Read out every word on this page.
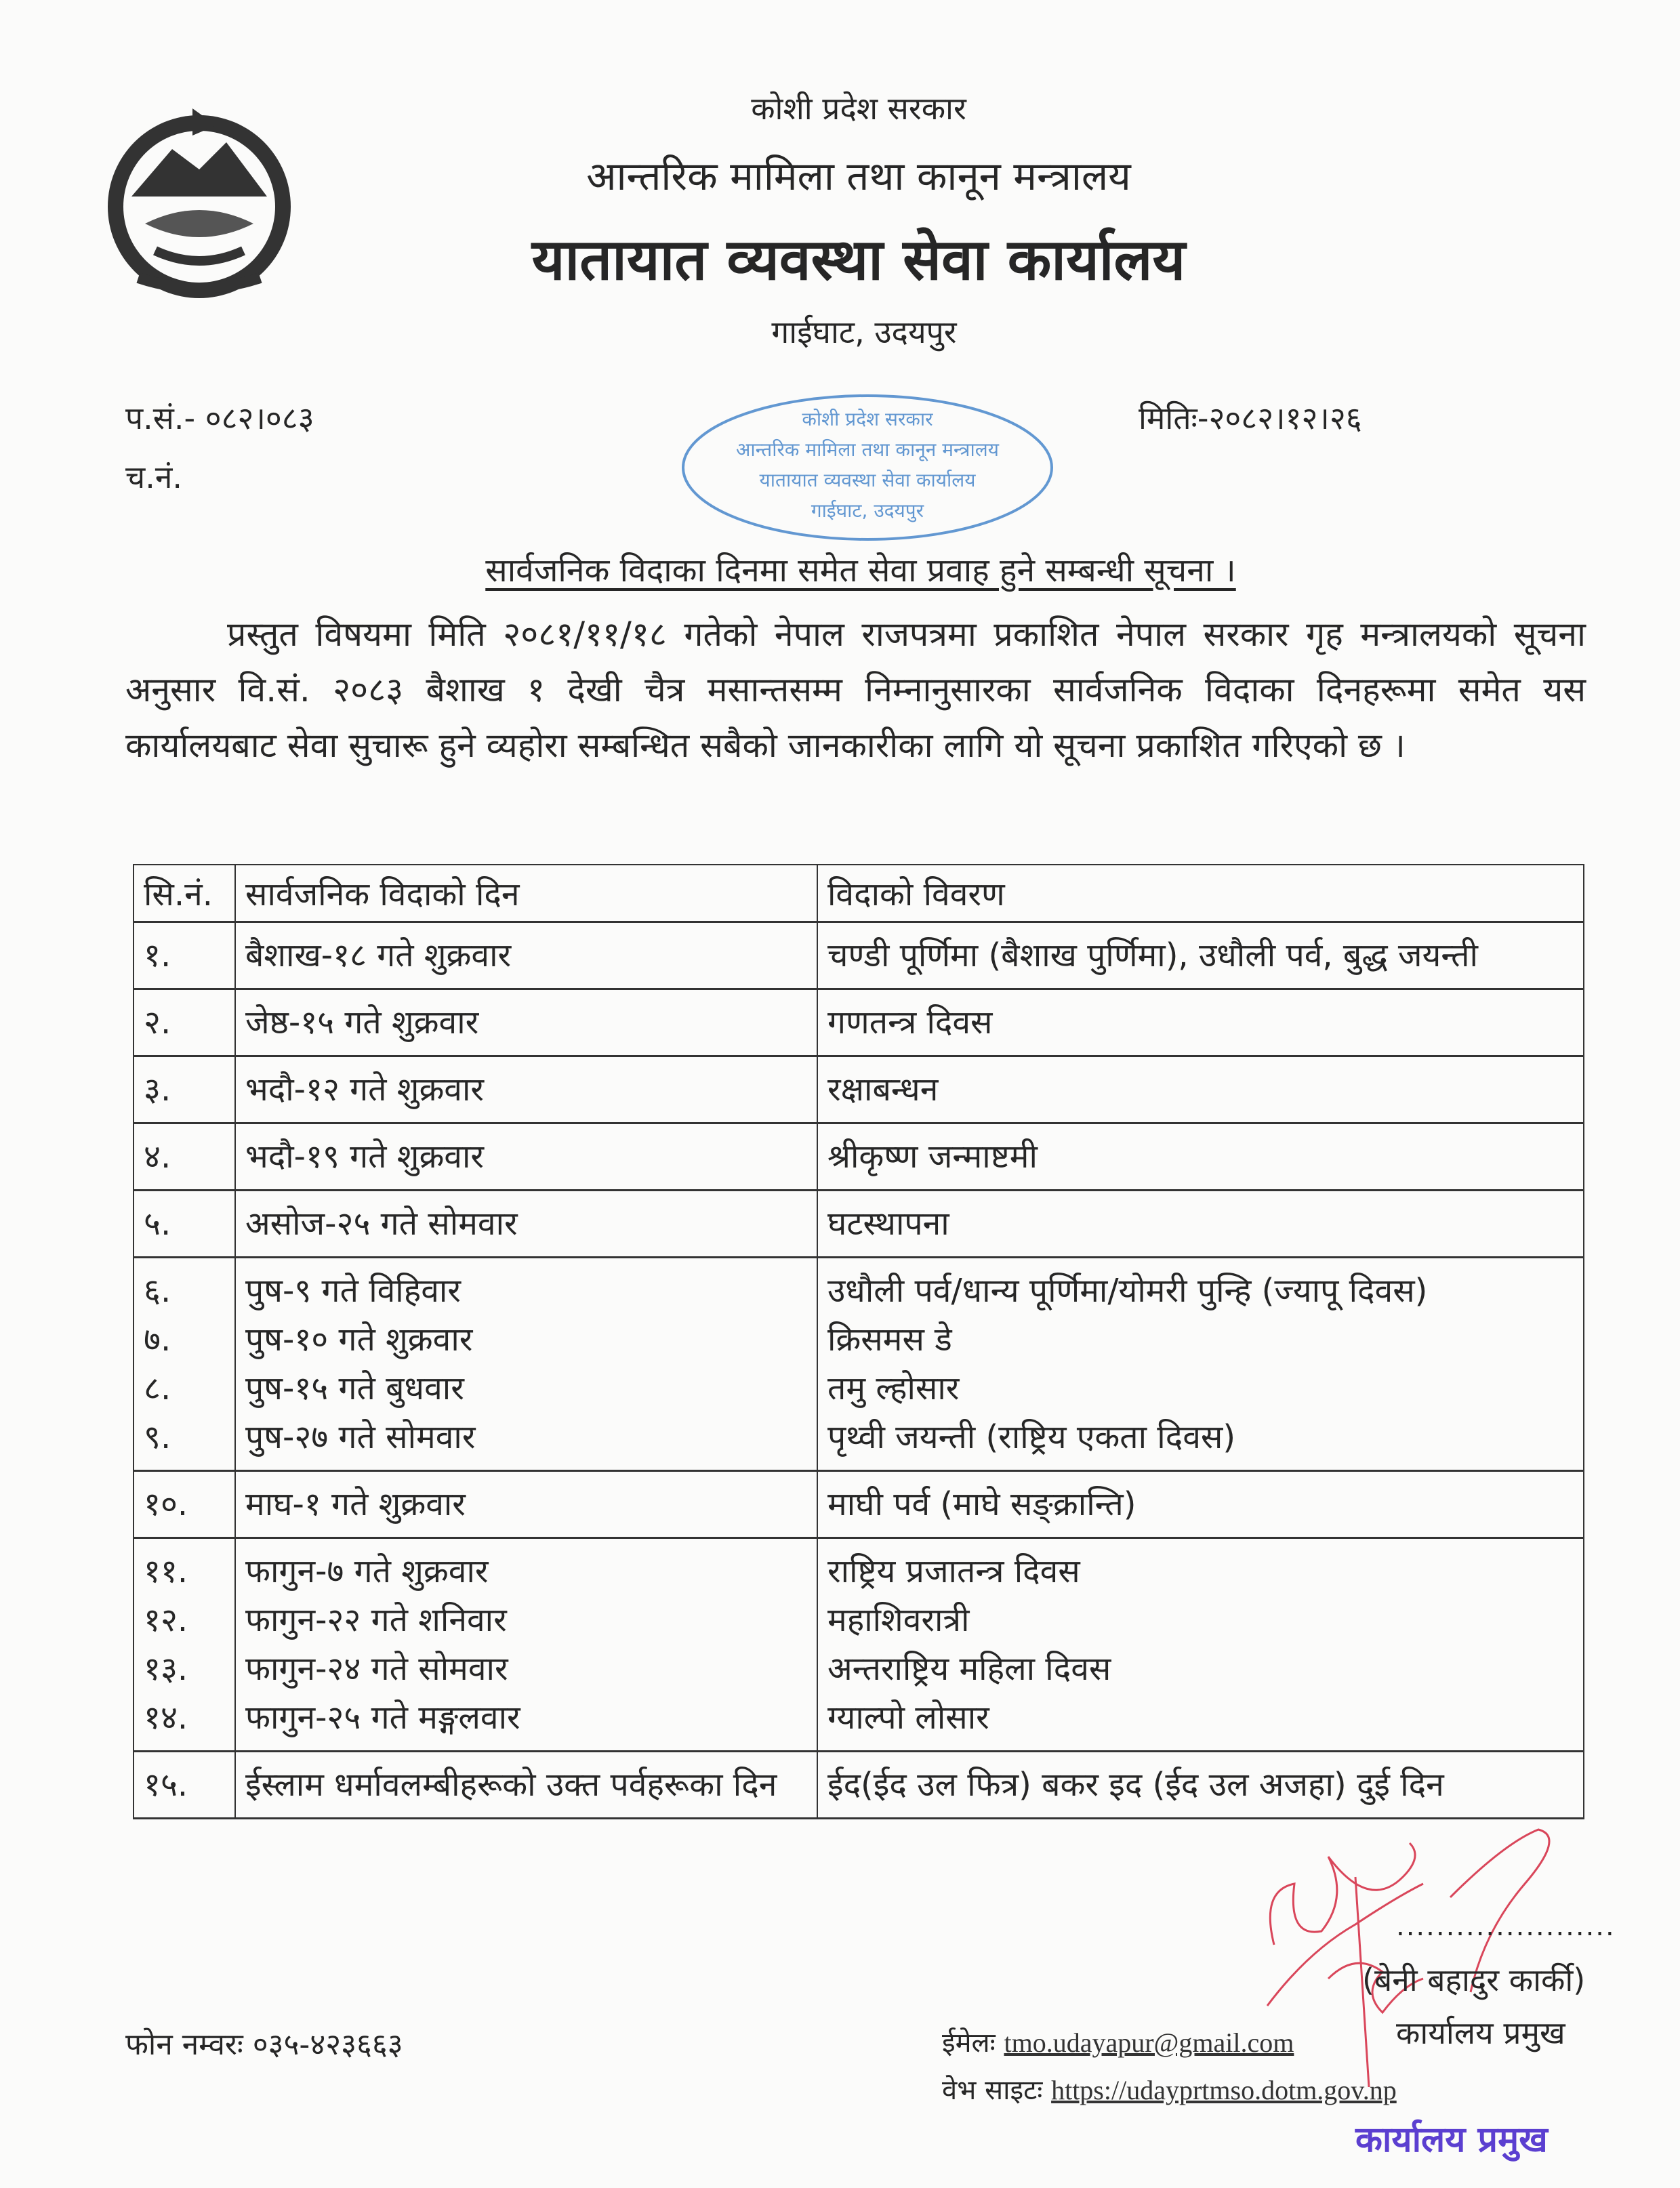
कोशी प्रदेश सरकार
आन्तरिक मामिला तथा कानून मन्त्रालय
यातायात व्यवस्था सेवा कार्यालय
गाईघाट, उदयपुर
कोशी प्रदेश सरकार
आन्तरिक मामिला तथा कानून मन्त्रालय
यातायात व्यवस्था सेवा कार्यालय
गाईघाट, उदयपुर
प.सं.- ०८२।०८३
च.नं.
मितिः-२०८२।१२।२६
सार्वजनिक विदाका दिनमा समेत सेवा प्रवाह हुने सम्बन्धी सूचना ।
प्रस्तुत विषयमा मिति २०८१/११/१८ गतेको नेपाल राजपत्रमा प्रकाशित नेपाल सरकार गृह मन्त्रालयको सूचना अनुसार वि.सं. २०८३ बैशाख १ देखी चैत्र मसान्तसम्म निम्नानुसारका सार्वजनिक विदाका दिनहरूमा समेत यस कार्यालयबाट सेवा सुचारू हुने व्यहोरा सम्बन्धित सबैको जानकारीका लागि यो सूचना प्रकाशित गरिएको छ ।
सि.नं.	सार्वजनिक विदाको दिन	विदाको विवरण
१.	बैशाख-१८ गते शुक्रवार	चण्डी पूर्णिमा (बैशाख पुर्णिमा), उधौली पर्व, बुद्ध जयन्ती
२.	जेष्ठ-१५ गते शुक्रवार	गणतन्त्र दिवस
३.	भदौ-१२ गते शुक्रवार	रक्षाबन्धन
४.	भदौ-१९ गते शुक्रवार	श्रीकृष्ण जन्माष्टमी
५.	असोज-२५ गते सोमवार	घटस्थापना
६.	पुष-९ गते विहिवार	उधौली पर्व/धान्य पूर्णिमा/योमरी पुन्हि (ज्यापू दिवस)
७.	पुष-१० गते शुक्रवार	क्रिसमस डे
८.	पुष-१५ गते बुधवार	तमु ल्होसार
९.	पुष-२७ गते सोमवार	पृथ्वी जयन्ती (राष्ट्रिय एकता दिवस)
१०.	माघ-१ गते शुक्रवार	माघी पर्व (माघे सङ्क्रान्ति)
११.	फागुन-७ गते शुक्रवार	राष्ट्रिय प्रजातन्त्र दिवस
१२.	फागुन-२२ गते शनिवार	महाशिवरात्री
१३.	फागुन-२४ गते सोमवार	अन्तराष्ट्रिय महिला दिवस
१४.	फागुन-२५ गते मङ्गलवार	ग्याल्पो लोसार
१५.	ईस्लाम धर्मावलम्बीहरूको उक्त पर्वहरूका दिन	ईद(ईद उल फित्र) बकर इद (ईद उल अजहा) दुई दिन
......................
(बेनी बहादुर कार्की)
कार्यालय प्रमुख
कार्यालय प्रमुख
फोन नम्वरः ०३५-४२३६६३	ईमेलः tmo.udayapur@gmail.com
वेभ साइटः https://udayprtmso.dotm.gov.np
